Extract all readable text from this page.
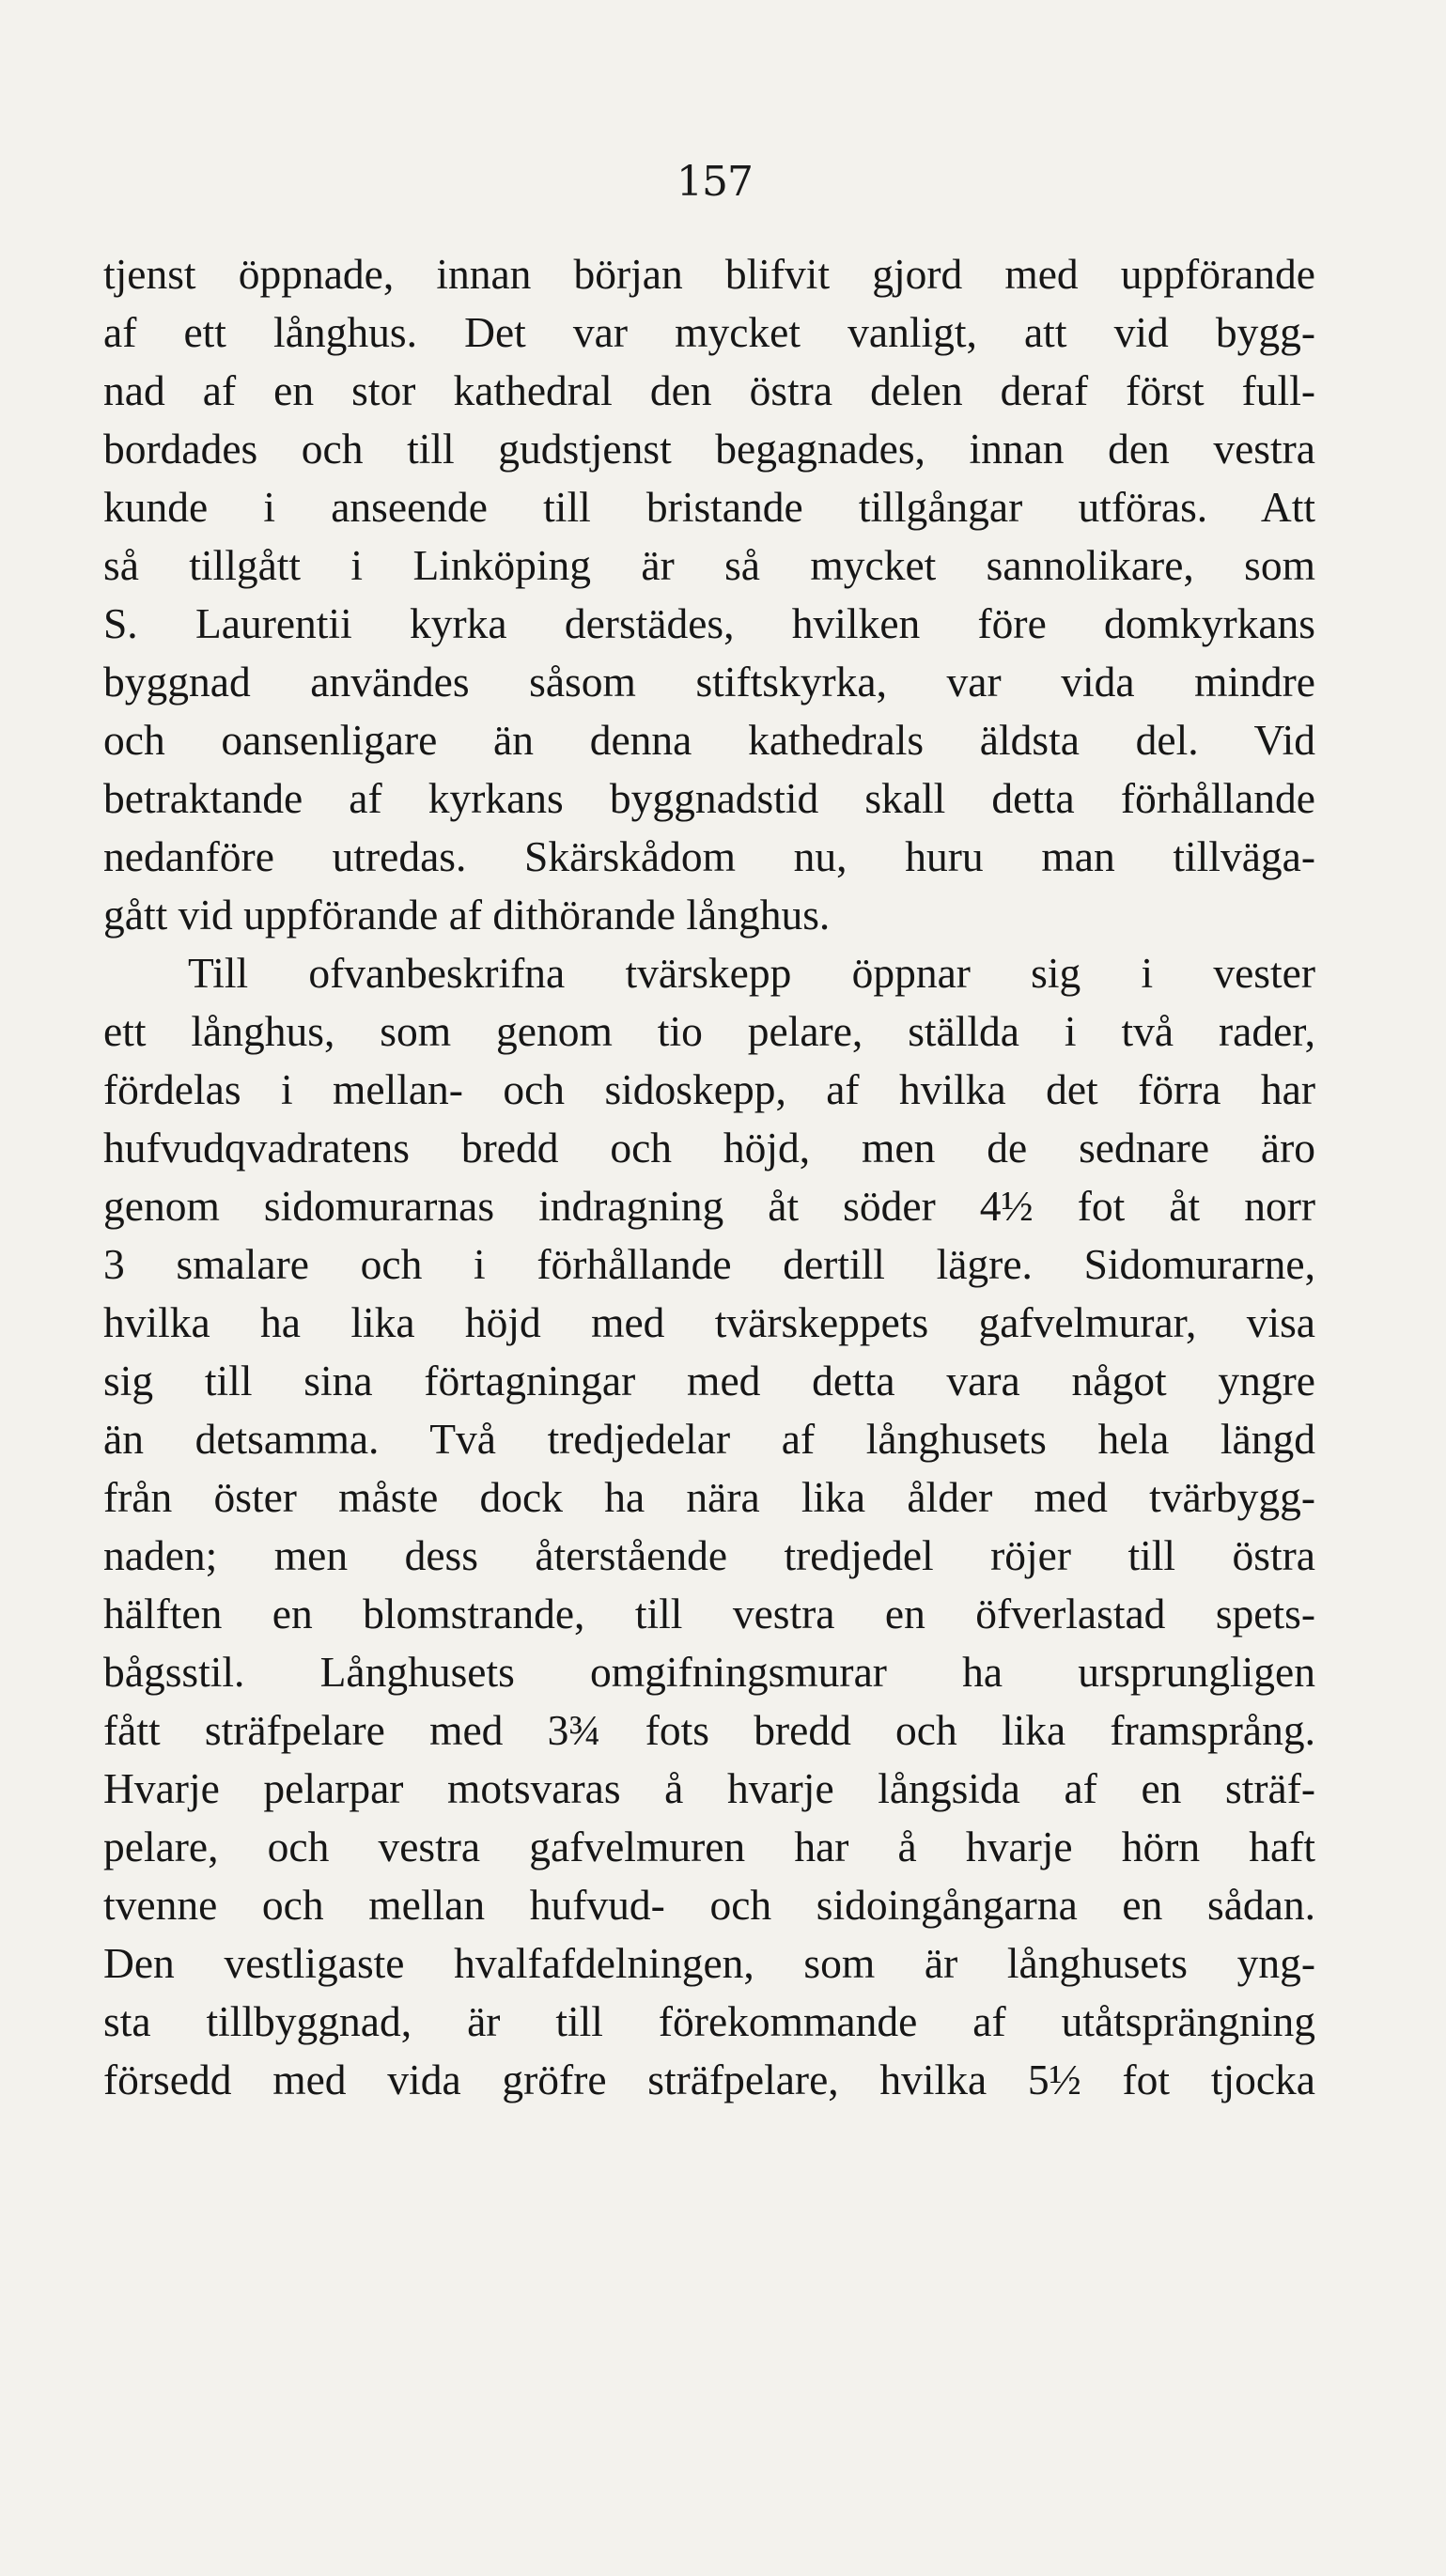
157
tjenst öppnade, innan början blifvit gjord med uppförande
af ett långhus. Det var mycket vanligt, att vid bygg-
nad af en stor kathedral den östra delen deraf först full-
bordades och till gudstjenst begagnades, innan den vestra
kunde i anseende till bristande tillgångar utföras. Att
så tillgått i Linköping är så mycket sannolikare, som
S. Laurentii kyrka derstädes, hvilken före domkyrkans
byggnad användes såsom stiftskyrka, var vida mindre
och oansenligare än denna kathedrals äldsta del. Vid
betraktande af kyrkans byggnadstid skall detta förhållande
nedanföre utredas. Skärskådom nu, huru man tillväga-
gått vid uppförande af dithörande långhus.
Till ofvanbeskrifna tvärskepp öppnar sig i vester
ett långhus, som genom tio pelare, ställda i två rader,
fördelas i mellan- och sidoskepp, af hvilka det förra har
hufvudqvadratens bredd och höjd, men de sednare äro
genom sidomurarnas indragning åt söder 4½ fot åt norr
3 smalare och i förhållande dertill lägre. Sidomurarne,
hvilka ha lika höjd med tvärskeppets gafvelmurar, visa
sig till sina förtagningar med detta vara något yngre
än detsamma. Två tredjedelar af långhusets hela längd
från öster måste dock ha nära lika ålder med tvärbygg-
naden; men dess återstående tredjedel röjer till östra
hälften en blomstrande, till vestra en öfverlastad spets-
bågsstil. Långhusets omgifningsmurar ha ursprungligen
fått sträfpelare med 3¾ fots bredd och lika framsprång.
Hvarje pelarpar motsvaras å hvarje långsida af en sträf-
pelare, och vestra gafvelmuren har å hvarje hörn haft
tvenne och mellan hufvud- och sidoingångarna en sådan.
Den vestligaste hvalfafdelningen, som är långhusets yng-
sta tillbyggnad, är till förekommande af utåtsprängning
försedd med vida gröfre sträfpelare, hvilka 5½ fot tjocka
